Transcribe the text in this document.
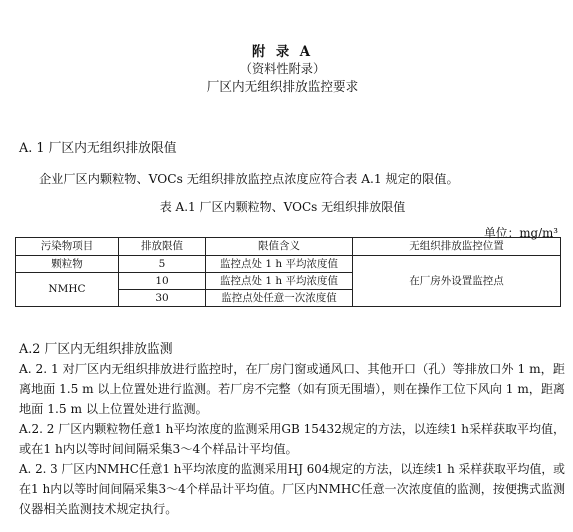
附 录 A
（资料性附录）
厂区内无组织排放监控要求
A. 1 厂区内无组织排放限值
企业厂区内颗粒物、VOCs 无组织排放监控点浓度应符合表 A.1 规定的限值。
表 A.1 厂区内颗粒物、VOCs 无组织排放限值
单位：mg/m³
污染物项目	排放限值	限值含义	无组织排放监控位置
颗粒物	5	监控点处 1 h 平均浓度值	在厂房外设置监控点
NMHC	10	监控点处 1 h 平均浓度值	
	30	监控点处任意一次浓度值	
A.2 厂区内无组织排放监测
A. 2. 1 对厂区内无组织排放进行监控时，在厂房门窗或通风口、其他开口（孔）等排放口外 1 m，距
离地面 1.5 m 以上位置处进行监测。若厂房不完整（如有顶无围墙），则在操作工位下风向 1 m，距离
地面 1.5 m 以上位置处进行监测。
A.2. 2 厂区内颗粒物任意1 h平均浓度的监测采用GB 15432规定的方法，以连续1 h采样获取平均值，
或在1 h内以等时间间隔采集3～4个样品计平均值。
A. 2. 3 厂区内NMHC任意1 h平均浓度的监测采用HJ 604规定的方法，以连续1 h 采样获取平均值，或
在1 h内以等时间间隔采集3～4个样品计平均值。厂区内NMHC任意一次浓度值的监测，按便携式监测
仪器相关监测技术规定执行。
